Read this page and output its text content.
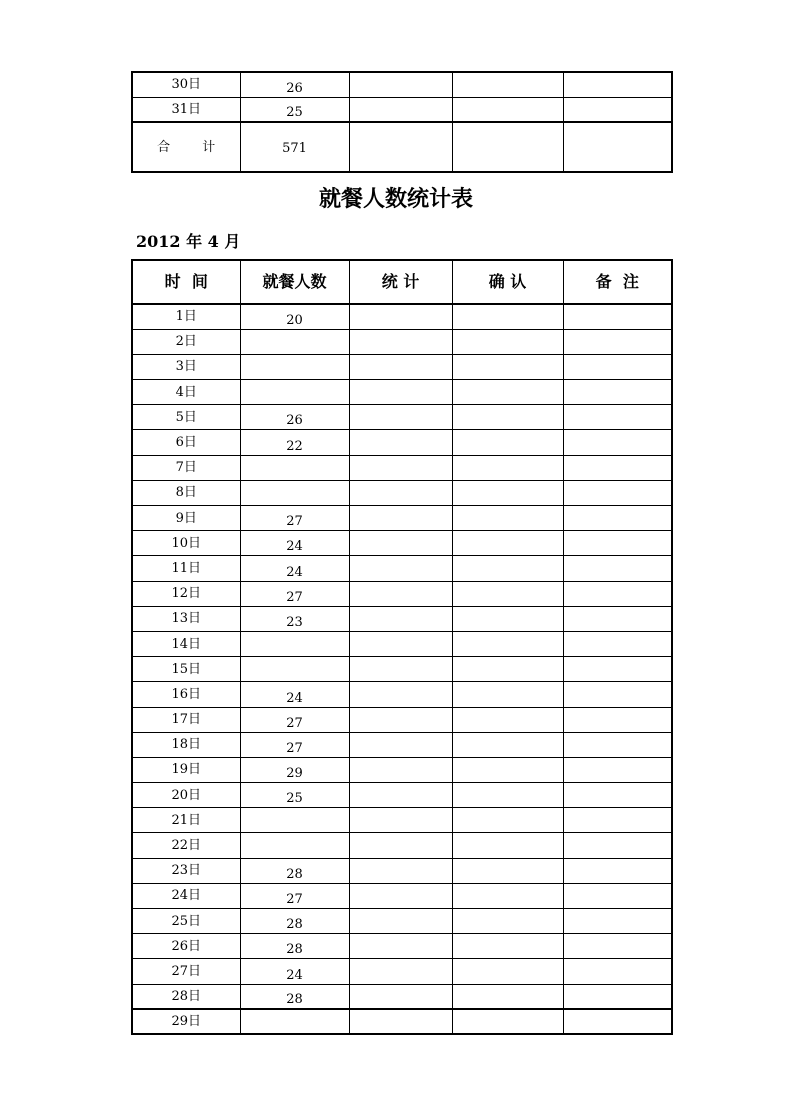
30日	26			
31日	25			
合 计	571			
就餐人数统计表
2012 年 4 月
时  间	就餐人数	统 计	确 认	备  注
1日	20			
2日				
3日				
4日				
5日	26			
6日	22			
7日				
8日				
9日	27			
10日	24			
11日	24			
12日	27			
13日	23			
14日				
15日				
16日	24			
17日	27			
18日	27			
19日	29			
20日	25			
21日				
22日				
23日	28			
24日	27			
25日	28			
26日	28			
27日	24			
28日	28			
29日				
